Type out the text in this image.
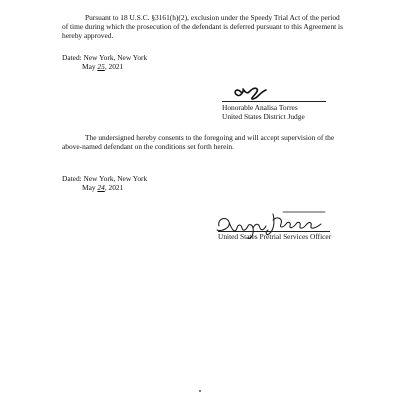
Pursuant to 18 U.S.C. §3161(h)(2), exclusion under the Speedy Trial Act of the period of time during which the prosecution of the defendant is deferred pursuant to this Agreement is hereby approved.

Dated: New York, New York
May 25, 2021
Honorable Analisa Torres
United States District Judge

The undersigned hereby consents to the foregoing and will accept supervision of the above-named defendant on the conditions set forth herein.

Dated: New York, New York
May 24, 2021
United States Pretrial Services Officer
